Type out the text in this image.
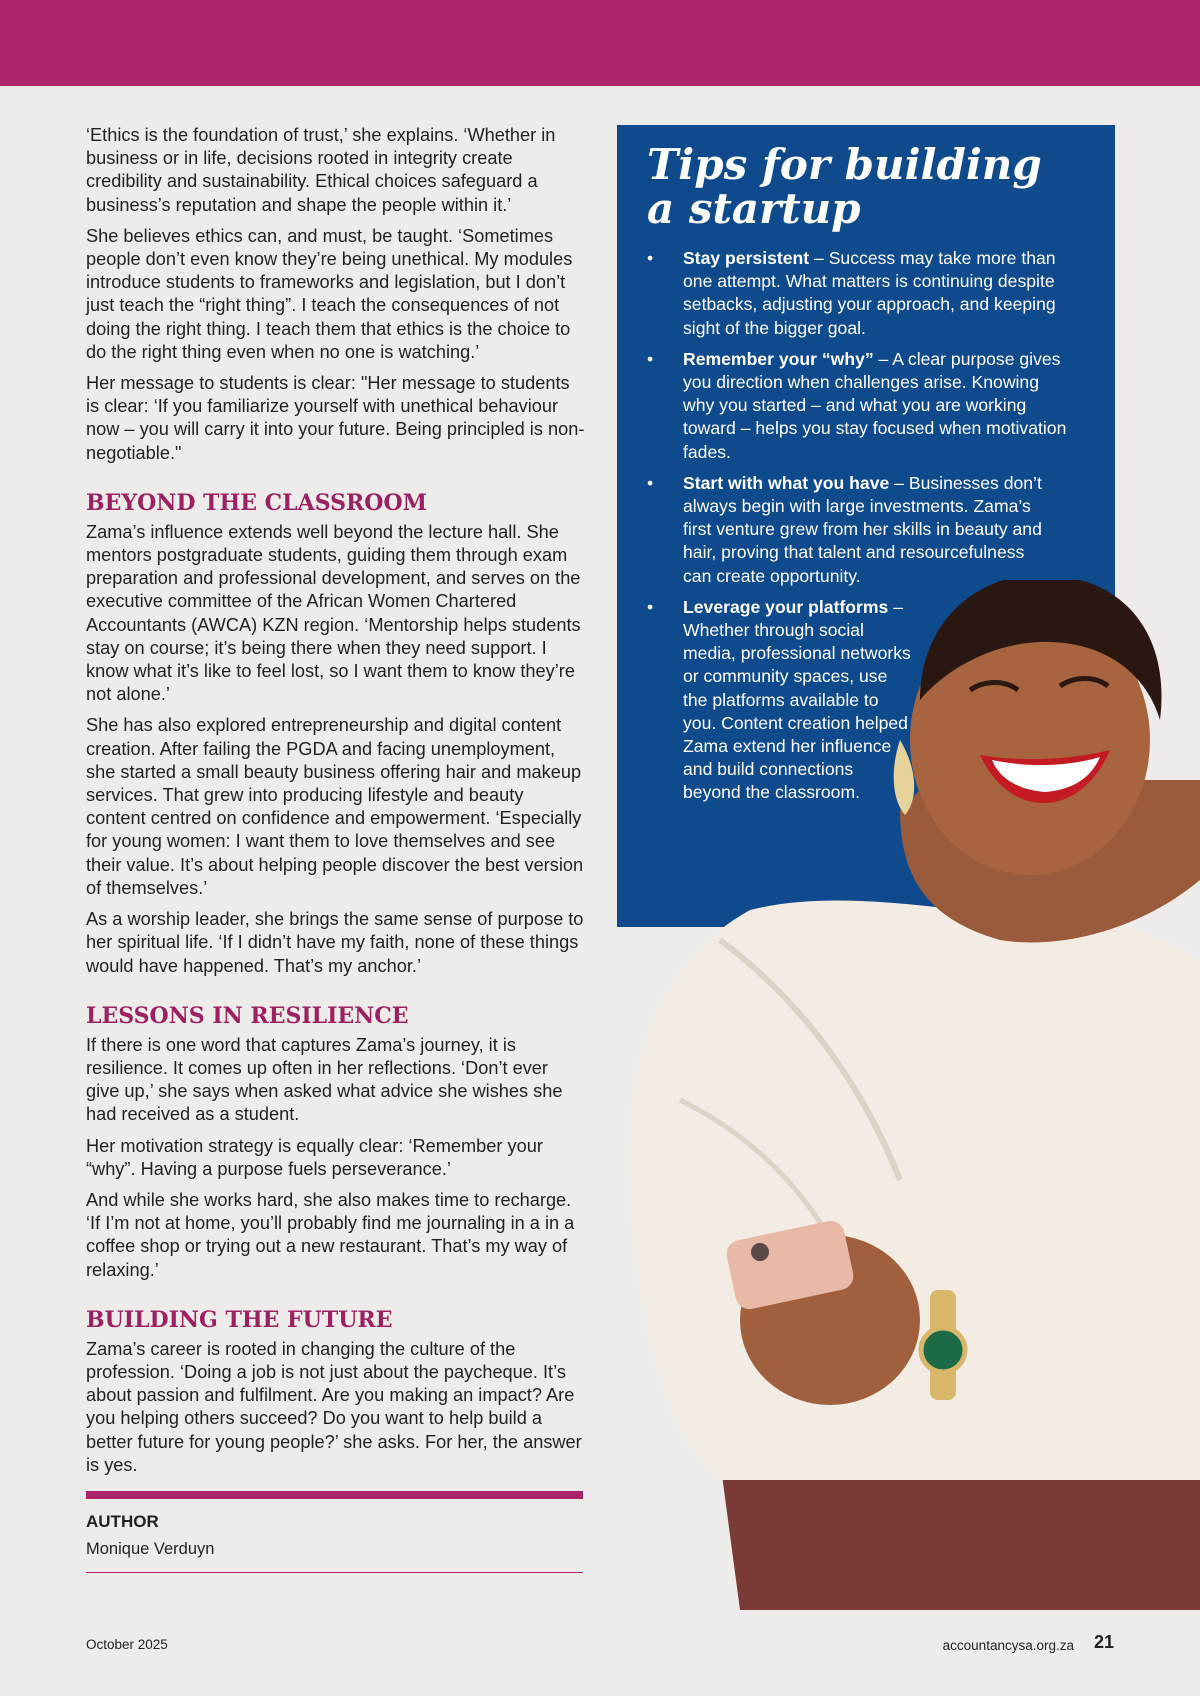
‘Ethics is the foundation of trust,’ she explains. ‘Whether in business or in life, decisions rooted in integrity create credibility and sustainability. Ethical choices safeguard a business’s reputation and shape the people within it.’

She believes ethics can, and must, be taught. ‘Sometimes people don’t even know they’re being unethical. My modules introduce students to frameworks and legislation, but I don’t just teach the “right thing”. I teach the consequences of not doing the right thing. I teach them that ethics is the choice to do the right thing even when no one is watching.’

Her message to students is clear: "Her message to students is clear: ‘If you familiarize yourself with unethical behaviour now – you will carry it into your future. Being principled is non-negotiable."

BEYOND THE CLASSROOM

Zama’s influence extends well beyond the lecture hall. She mentors postgraduate students, guiding them through exam preparation and professional development, and serves on the executive committee of the African Women Chartered Accountants (AWCA) KZN region. ‘Mentorship helps students stay on course; it’s being there when they need support. I know what it’s like to feel lost, so I want them to know they’re not alone.’

She has also explored entrepreneurship and digital content creation. After failing the PGDA and facing unemployment, she started a small beauty business offering hair and makeup services. That grew into producing lifestyle and beauty content centred on confidence and empowerment. ‘Especially for young women: I want them to love themselves and see their value. It’s about helping people discover the best version of themselves.’

As a worship leader, she brings the same sense of purpose to her spiritual life. ‘If I didn’t have my faith, none of these things would have happened. That’s my anchor.’

LESSONS IN RESILIENCE

If there is one word that captures Zama’s journey, it is resilience. It comes up often in her reflections. ‘Don’t ever give up,’ she says when asked what advice she wishes she had received as a student.

Her motivation strategy is equally clear: ‘Remember your “why”. Having a purpose fuels perseverance.’

And while she works hard, she also makes time to recharge. ‘If I’m not at home, you’ll probably find me journaling in a in a coffee shop or trying out a new restaurant. That’s my way of relaxing.’

BUILDING THE FUTURE

Zama’s career is rooted in changing the culture of the profession. ‘Doing a job is not just about the paycheque. It’s about passion and fulfilment. Are you making an impact? Are you helping others succeed? Do you want to help build a better future for young people?’ she asks. For her, the answer is yes.

AUTHOR
Monique Verduyn
Tips for building
a startup
• Stay persistent – Success may take more than one attempt. What matters is continuing despite setbacks, adjusting your approach, and keeping sight of the bigger goal.
• Remember your “why” – A clear purpose gives you direction when challenges arise. Knowing why you started – and what you are working toward – helps you stay focused when motivation fades.
• Start with what you have – Businesses don’t always begin with large investments. Zama’s first venture grew from her skills in beauty and hair, proving that talent and resourcefulness can create opportunity.
• Leverage your platforms – Whether through social media, professional networks or community spaces, use the platforms available to you. Content creation helped Zama extend her influence and build connections beyond the classroom.
October 2025	accountancysa.org.za 21
